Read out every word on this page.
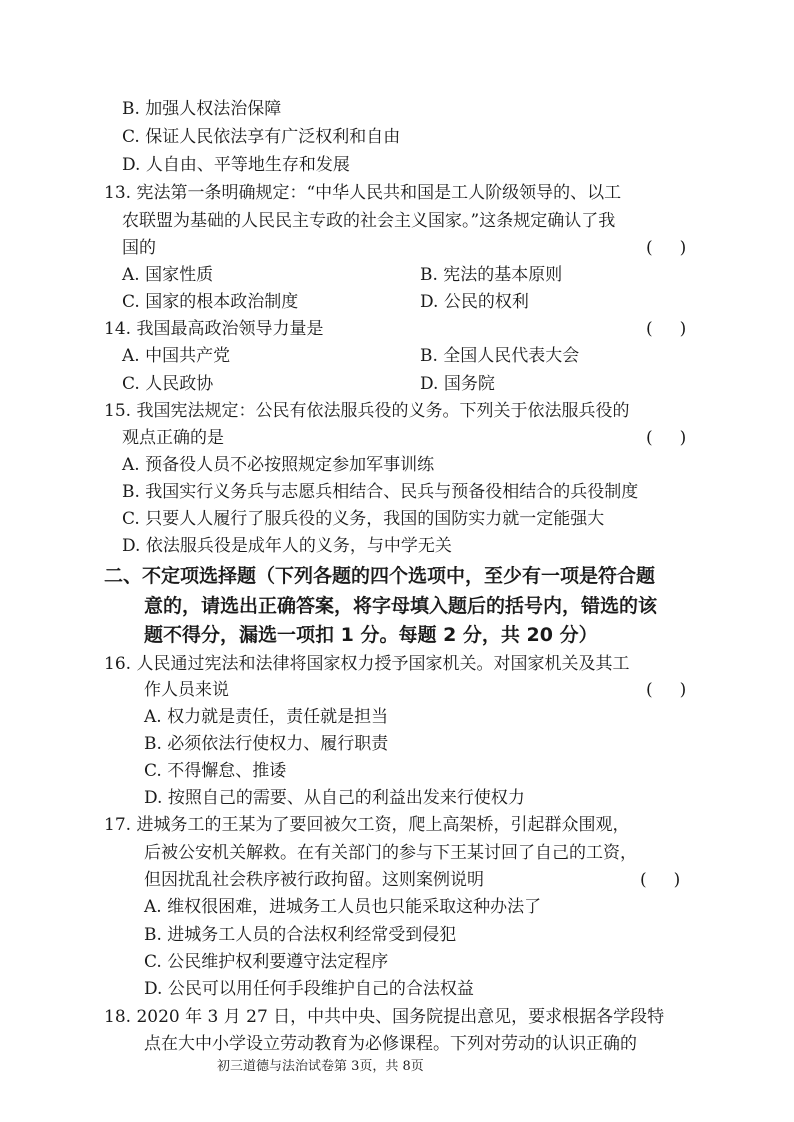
B. 加强人权法治保障
C. 保证人民依法享有广泛权利和自由
D. 人自由、平等地生存和发展
13. 宪法第一条明确规定：“中华人民共和国是工人阶级领导的、以工
农联盟为基础的人民民主专政的社会主义国家。”这条规定确认了我
国的	(     )
A. 国家性质	B. 宪法的基本原则
C. 国家的根本政治制度	D. 公民的权利
14. 我国最高政治领导力量是	(     )
A. 中国共产党	B. 全国人民代表大会
C. 人民政协	D. 国务院
15. 我国宪法规定：公民有依法服兵役的义务。下列关于依法服兵役的
观点正确的是	(     )
A. 预备役人员不必按照规定参加军事训练
B. 我国实行义务兵与志愿兵相结合、民兵与预备役相结合的兵役制度
C. 只要人人履行了服兵役的义务，我国的国防实力就一定能强大
D. 依法服兵役是成年人的义务，与中学无关
二、不定项选择题（下列各题的四个选项中，至少有一项是符合题
意的，请选出正确答案，将字母填入题后的括号内，错选的该
题不得分，漏选一项扣 1 分。每题 2 分，共 20 分）
16. 人民通过宪法和法律将国家权力授予国家机关。对国家机关及其工
作人员来说	(     )
A. 权力就是责任，责任就是担当
B. 必须依法行使权力、履行职责
C. 不得懈怠、推诿
D. 按照自己的需要、从自己的利益出发来行使权力
17. 进城务工的王某为了要回被欠工资，爬上高架桥，引起群众围观，
后被公安机关解救。在有关部门的参与下王某讨回了自己的工资，
但因扰乱社会秩序被行政拘留。这则案例说明	(     )
A. 维权很困难，进城务工人员也只能采取这种办法了
B. 进城务工人员的合法权利经常受到侵犯
C. 公民维护权利要遵守法定程序
D. 公民可以用任何手段维护自己的合法权益
18. 2020 年 3 月 27 日，中共中央、国务院提出意见，要求根据各学段特
点在大中小学设立劳动教育为必修课程。下列对劳动的认识正确的
初三道德与法治试卷第 3页，共 8页
